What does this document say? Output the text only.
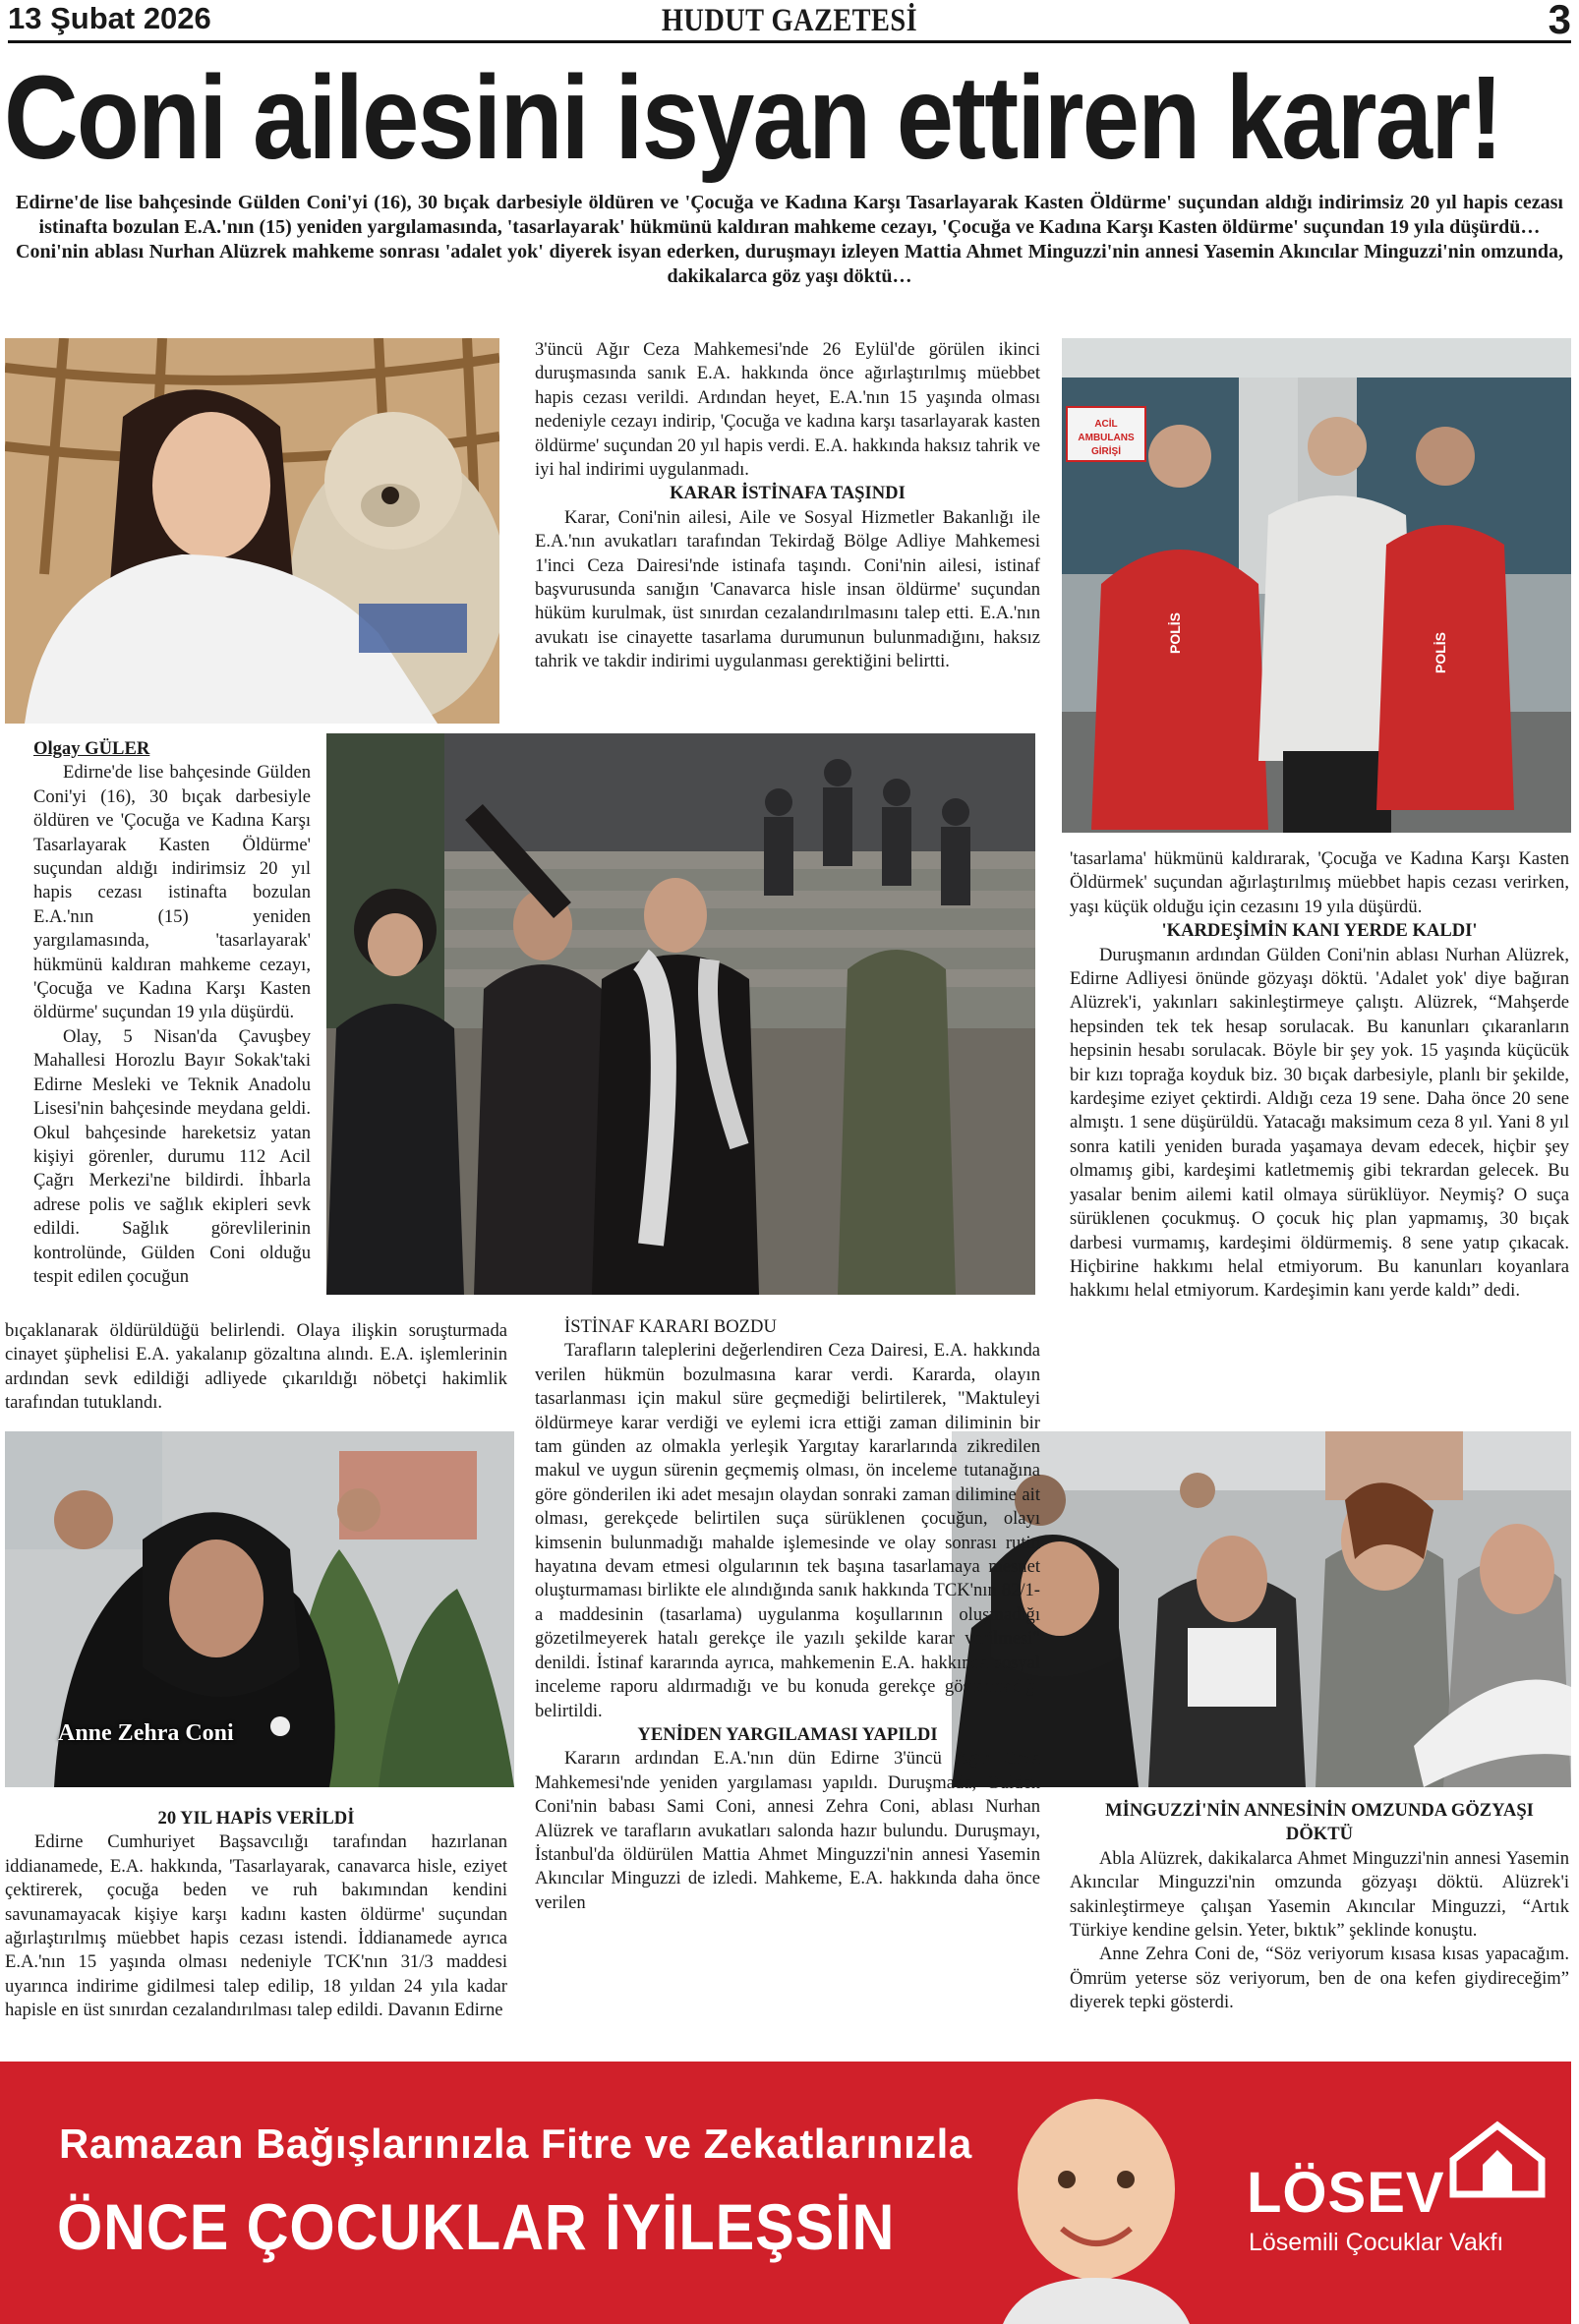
13 Şubat 2026	HUDUT GAZETESİ	3
Coni ailesini isyan ettiren karar!

Edirne'de lise bahçesinde Gülden Coni'yi (16), 30 bıçak darbesiyle öldüren ve 'Çocuğa ve Kadına Karşı Tasarlayarak Kasten Öldürme' suçundan aldığı indirimsiz 20 yıl hapis cezası istinafta bozulan E.A.'nın (15) yeniden yargılamasında, 'tasarlayarak' hükmünü kaldıran mahkeme cezayı, 'Çocuğa ve Kadına Karşı Kasten öldürme' suçundan 19 yıla düşürdü…

Coni'nin ablası Nurhan Alüzrek mahkeme sonrası 'adalet yok' diyerek isyan ederken, duruşmayı izleyen Mattia Ahmet Minguzzi'nin annesi Yasemin Akıncılar Minguzzi'nin omzunda, dakikalarca göz yaşı döktü…

ACİL
AMBULANS
GİRİŞİ
POLİS	POLİS
Anne Zehra Coni

3'üncü Ağır Ceza Mahkemesi'nde 26 Eylül'de görülen ikinci duruşmasında sanık E.A. hakkında önce ağırlaştırılmış müebbet hapis cezası verildi. Ardından heyet, E.A.'nın 15 yaşında olması nedeniyle cezayı indirip, 'Çocuğa ve kadına karşı tasarlayarak kasten öldürme' suçundan 20 yıl hapis verdi. E.A. hakkında haksız tahrik ve iyi hal indirimi uygulanmadı.

KARAR İSTİNAFA TAŞINDI

Karar, Coni'nin ailesi, Aile ve Sosyal Hizmetler Bakanlığı ile E.A.'nın avukatları tarafından Tekirdağ Bölge Adliye Mahkemesi 1'inci Ceza Dairesi'nde istinafa taşındı. Coni'nin ailesi, istinaf başvurusunda sanığın 'Canavarca hisle insan öldürme' suçundan hüküm kurulmak, üst sınırdan cezalandırılmasını talep etti. E.A.'nın avukatı ise cinayette tasarlama durumunun bulunmadığını, haksız tahrik ve takdir indirimi uygulanması gerektiğini belirtti.

Olgay GÜLER

Edirne'de lise bahçesinde Gülden Coni'yi (16), 30 bıçak darbesiyle öldüren ve 'Çocuğa ve Kadına Karşı Tasarlayarak Kasten Öldürme' suçundan aldığı indirimsiz 20 yıl hapis cezası istinafta bozulan E.A.'nın (15) yeniden yargılamasında, 'tasarlayarak' hükmünü kaldıran mahkeme cezayı, 'Çocuğa ve Kadına Karşı Kasten öldürme' suçundan 19 yıla düşürdü.

Olay, 5 Nisan'da Çavuşbey Mahallesi Horozlu Bayır Sokak'taki Edirne Mesleki ve Teknik Anadolu Lisesi'nin bahçesinde meydana geldi. Okul bahçesinde hareketsiz yatan kişiyi görenler, durumu 112 Acil Çağrı Merkezi'ne bildirdi. İhbarla adrese polis ve sağlık ekipleri sevk edildi. Sağlık görevlilerinin kontrolünde, Gülden Coni olduğu tespit edilen çocuğun

bıçaklanarak öldürüldüğü belirlendi. Olaya ilişkin soruşturmada cinayet şüphelisi E.A. yakalanıp gözaltına alındı. E.A. işlemlerinin ardından sevk edildiği adliyede çıkarıldığı nöbetçi hakimlik tarafından tutuklandı.

'tasarlama' hükmünü kaldırarak, 'Çocuğa ve Kadına Karşı Kasten Öldürmek' suçundan ağırlaştırılmış müebbet hapis cezası verirken, yaşı küçük olduğu için cezasını 19 yıla düşürdü.

'KARDEŞİMİN KANI YERDE KALDI'

Duruşmanın ardından Gülden Coni'nin ablası Nurhan Alüzrek, Edirne Adliyesi önünde gözyaşı döktü. 'Adalet yok' diye bağıran Alüzrek'i, yakınları sakinleştirmeye çalıştı. Alüzrek, “Mahşerde hepsinden tek tek hesap sorulacak. Bu kanunları çıkaranların hepsinin hesabı sorulacak. Böyle bir şey yok. 15 yaşında küçücük bir kızı toprağa koyduk biz. 30 bıçak darbesiyle, planlı bir şekilde, kardeşime eziyet çektirdi. Aldığı ceza 19 sene. Daha önce 20 sene almıştı. 1 sene düşürüldü. Yatacağı maksimum ceza 8 yıl. Yani 8 yıl sonra katili yeniden burada yaşamaya devam edecek, hiçbir şey olmamış gibi, kardeşimi katletmemiş gibi tekrardan gelecek. Bu yasalar benim ailemi katil olmaya sürüklüyor. Neymiş? O suça sürüklenen çocukmuş. O çocuk hiç plan yapmamış, 30 bıçak darbesi vurmamış, kardeşimi öldürmemiş. 8 sene yatıp çıkacak. Hiçbirine hakkımı helal etmiyorum. Bu kanunları koyanlara hakkımı helal etmiyorum. Kardeşimin kanı yerde kaldı” dedi.

İSTİNAF KARARI BOZDU

Tarafların taleplerini değerlendiren Ceza Dairesi, E.A. hakkında verilen hükmün bozulmasına karar verdi. Kararda, olayın tasarlanması için makul süre geçmediği belirtilerek, "Maktuleyi öldürmeye karar verdiği ve eylemi icra ettiği zaman diliminin bir tam günden az olmakla yerleşik Yargıtay kararlarında zikredilen makul ve uygun sürenin geçmemiş olması, ön inceleme tutanağına göre gönderilen iki adet mesajın olaydan sonraki zaman dilimine ait olması, gerekçede belirtilen suça sürüklenen çocuğun, olayı kimsenin bulunmadığı mahalde işlemesinde ve olay sonrası rutin hayatına devam etmesi olgularının tek başına tasarlamaya mesnet oluşturmaması birlikte ele alındığında sanık hakkında TCK'nın 82/1-a maddesinin (tasarlama) uygulanma koşullarının oluşmadığı gözetilmeyerek hatalı gerekçe ile yazılı şekilde karar verilmesi" denildi. İstinaf kararında ayrıca, mahkemenin E.A. hakkında sosyal inceleme raporu aldırmadığı ve bu konuda gerekçe göstermediği belirtildi.

YENİDEN YARGILAMASI YAPILDI

Kararın ardından E.A.'nın dün Edirne 3'üncü Ağır Ceza Mahkemesi'nde yeniden yargılaması yapıldı. Duruşmada, Gülden Coni'nin babası Sami Coni, annesi Zehra Coni, ablası Nurhan Alüzrek ve tarafların avukatları salonda hazır bulundu. Duruşmayı, İstanbul'da öldürülen Mattia Ahmet Minguzzi'nin annesi Yasemin Akıncılar Minguzzi de izledi. Mahkeme, E.A. hakkında daha önce verilen

20 YIL HAPİS VERİLDİ

Edirne Cumhuriyet Başsavcılığı tarafından hazırlanan iddianamede, E.A. hakkında, 'Tasarlayarak, canavarca hisle, eziyet çektirerek, çocuğa beden ve ruh bakımından kendini savunamayacak kişiye karşı kadını kasten öldürme' suçundan ağırlaştırılmış müebbet hapis cezası istendi. İddianamede ayrıca E.A.'nın 15 yaşında olması nedeniyle TCK'nın 31/3 maddesi uyarınca indirime gidilmesi talep edilip, 18 yıldan 24 yıla kadar hapisle en üst sınırdan cezalandırılması talep edildi. Davanın Edirne

MİNGUZZİ'NİN ANNESİNİN OMZUNDA GÖZYAŞI DÖKTÜ

Abla Alüzrek, dakikalarca Ahmet Minguzzi'nin annesi Yasemin Akıncılar Minguzzi'nin omzunda gözyaşı döktü. Alüzrek'i sakinleştirmeye çalışan Yasemin Akıncılar Minguzzi, “Artık Türkiye kendine gelsin. Yeter, bıktık” şeklinde konuştu.

Anne Zehra Coni de, “Söz veriyorum kısasa kısas yapacağım. Ömrüm yeterse söz veriyorum, ben de ona kefen giydireceğim” diyerek tepki gösterdi.

Ramazan Bağışlarınızla Fitre ve Zekatlarınızla
ÖNCE ÇOCUKLAR İYİLEŞSİN	LÖSEV
Lösemili Çocuklar Vakfı
